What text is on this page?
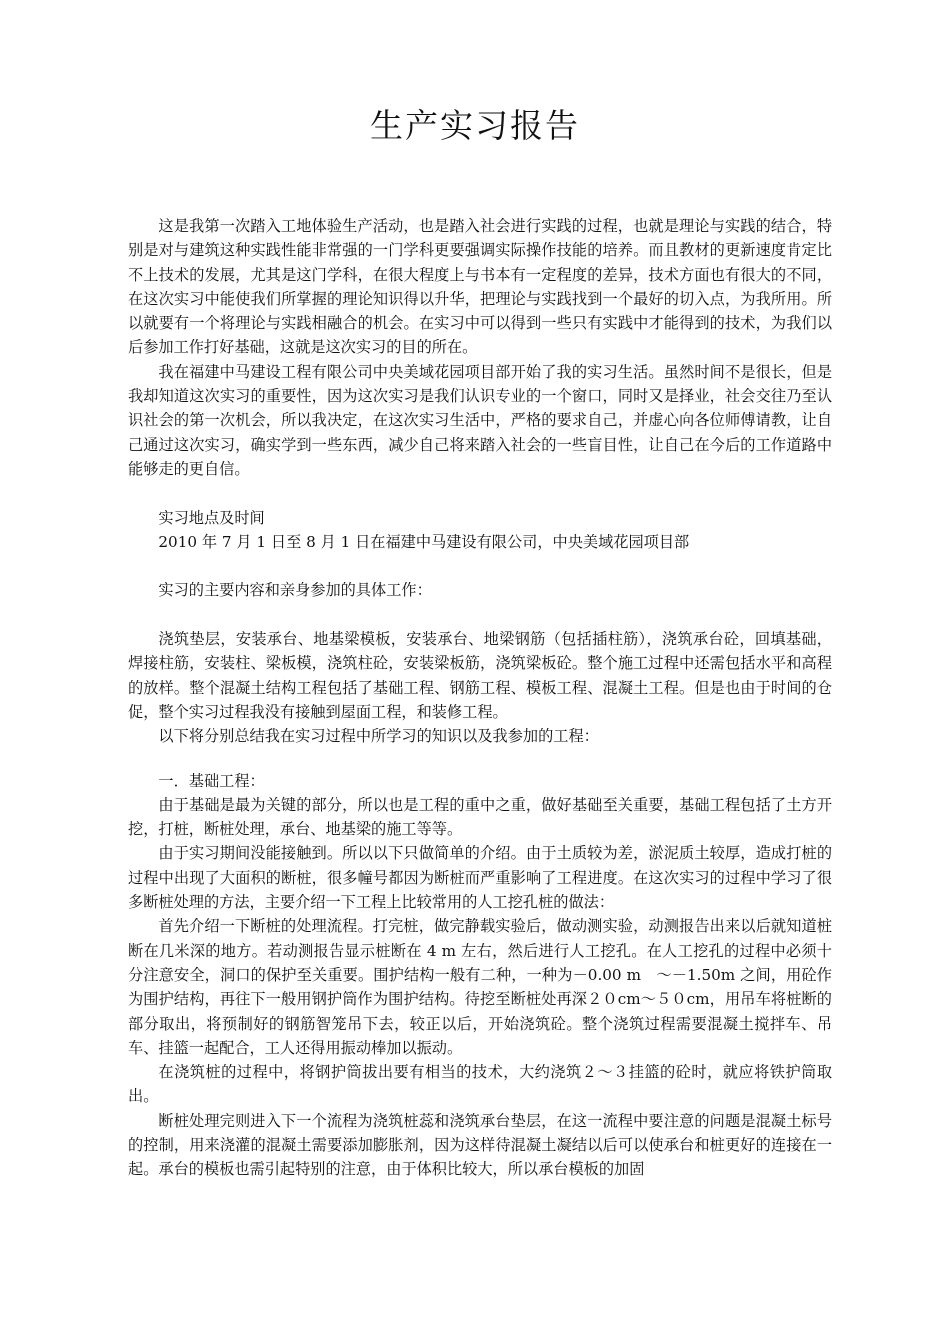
生产实习报告

这是我第一次踏入工地体验生产活动，也是踏入社会进行实践的过程，也就是理论与实践的结合，特别是对与建筑这种实践性能非常强的一门学科更要强调实际操作技能的培养。而且教材的更新速度肯定比不上技术的发展，尤其是这门学科，在很大程度上与书本有一定程度的差异，技术方面也有很大的不同，在这次实习中能使我们所掌握的理论知识得以升华，把理论与实践找到一个最好的切入点，为我所用。所以就要有一个将理论与实践相融合的机会。在实习中可以得到一些只有实践中才能得到的技术，为我们以后参加工作打好基础，这就是这次实习的目的所在。

我在福建中马建设工程有限公司中央美域花园项目部开始了我的实习生活。虽然时间不是很长，但是我却知道这次实习的重要性，因为这次实习是我们认识专业的一个窗口，同时又是择业，社会交往乃至认识社会的第一次机会，所以我决定，在这次实习生活中，严格的要求自己，并虚心向各位师傅请教，让自己通过这次实习，确实学到一些东西，减少自己将来踏入社会的一些盲目性，让自己在今后的工作道路中能够走的更自信。

实习地点及时间

2010 年 7 月 1 日至 8 月 1 日在福建中马建设有限公司，中央美域花园项目部

实习的主要内容和亲身参加的具体工作：

浇筑垫层，安装承台、地基梁模板，安装承台、地梁钢筋（包括插柱筋），浇筑承台砼，回填基础，焊接柱筋，安装柱、梁板模，浇筑柱砼，安装梁板筋，浇筑梁板砼。整个施工过程中还需包括水平和高程的放样。整个混凝土结构工程包括了基础工程、钢筋工程、模板工程、混凝土工程。但是也由于时间的仓促，整个实习过程我没有接触到屋面工程，和装修工程。

以下将分别总结我在实习过程中所学习的知识以及我参加的工程：

一．基础工程：

由于基础是最为关键的部分，所以也是工程的重中之重，做好基础至关重要，基础工程包括了土方开挖，打桩，断桩处理，承台、地基梁的施工等等。

由于实习期间没能接触到。所以以下只做简单的介绍。由于土质较为差，淤泥质土较厚，造成打桩的过程中出现了大面积的断桩，很多幢号都因为断桩而严重影响了工程进度。在这次实习的过程中学习了很多断桩处理的方法，主要介绍一下工程上比较常用的人工挖孔桩的做法：

首先介绍一下断桩的处理流程。打完桩，做完静载实验后，做动测实验，动测报告出来以后就知道桩断在几米深的地方。若动测报告显示桩断在 4 m 左右，然后进行人工挖孔。在人工挖孔的过程中必须十分注意安全，洞口的保护至关重要。围护结构一般有二种，一种为－0.00 m　～－1.50m 之间，用砼作为围护结构，再往下一般用钢护筒作为围护结构。待挖至断桩处再深２０cm～５０cm，用吊车将桩断的部分取出，将预制好的钢筋智笼吊下去，较正以后，开始浇筑砼。整个浇筑过程需要混凝土搅拌车、吊车、挂篮一起配合，工人还得用振动棒加以振动。

在浇筑桩的过程中，将钢护筒拔出要有相当的技术，大约浇筑２～３挂篮的砼时，就应将铁护筒取出。

断桩处理完则进入下一个流程为浇筑桩蕊和浇筑承台垫层，在这一流程中要注意的问题是混凝土标号的控制，用来浇灌的混凝土需要添加膨胀剂，因为这样待混凝土凝结以后可以使承台和桩更好的连接在一起。承台的模板也需引起特别的注意，由于体积比较大，所以承台模板的加固
